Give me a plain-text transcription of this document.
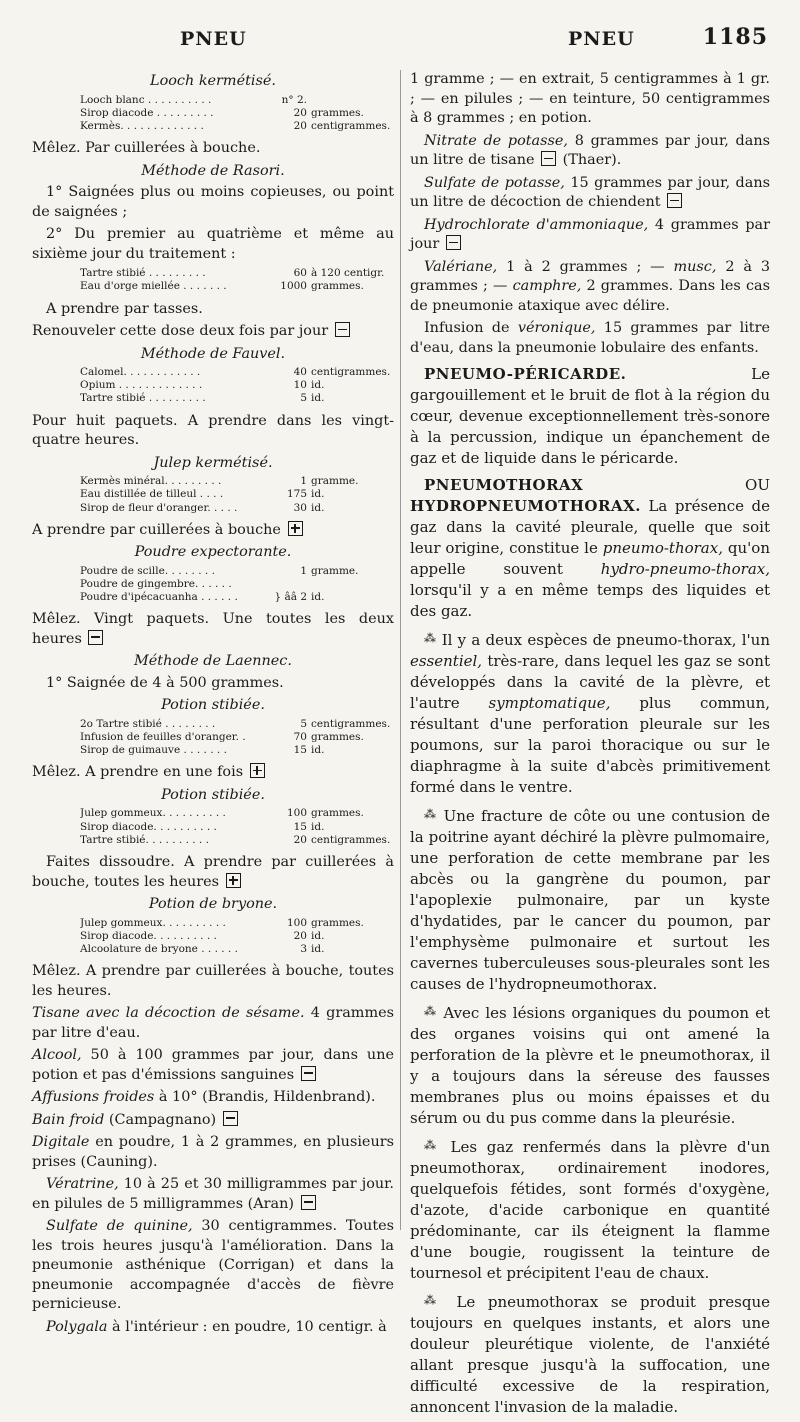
PNEU	PNEU	1185
Looch kermétisé.
Looch blanc . . . . . . . . . .	n° 2.
Sirop diacode . . . . . . . . .	20 grammes.
Kermès. . . . . . . . . . . . .	20 centigrammes.

Mêlez. Par cuillerées à bouche.

Méthode de Rasori.

1° Saignées plus ou moins copieuses, ou point de saignées ;

2° Du premier au quatrième et même au sixième jour du traitement :

Tartre stibié . . . . . . . . .	60 à 120 centigr.
Eau d'orge miellée . . . . . . .	1000 grammes.

A prendre par tasses.

Renouveler cette dose deux fois par jour

Méthode de Fauvel.
Calomel. . . . . . . . . . . .	40 centigrammes.
Opium . . . . . . . . . . . . .	10 id.
Tartre stibié . . . . . . . . .	5 id.

Pour huit paquets. A prendre dans les vingt-quatre heures.

Julep kermétisé.
Kermès minéral. . . . . . . . .	1 gramme.
Eau distillée de tilleul . . . .	175 id.
Sirop de fleur d'oranger. . . . .	30 id.

A prendre par cuillerées à bouche

Poudre expectorante.
Poudre de scille. . . . . . . .	1 gramme.
Poudre de gingembre. . . . . .
Poudre d'ipécacuanha . . . . . .	} ââ 2 id.

Mêlez. Vingt paquets. Une toutes les deux heures

Méthode de Laennec.

1° Saignée de 4 à 500 grammes.

Potion stibiée.
2o Tartre stibié . . . . . . . .	5 centigrammes.
Infusion de feuilles d'oranger. .	70 grammes.
Sirop de guimauve . . . . . . .	15 id.

Mêlez. A prendre en une fois

Potion stibiée.
Julep gommeux. . . . . . . . . .	100 grammes.
Sirop diacode. . . . . . . . . .	15 id.
Tartre stibié. . . . . . . . . .	20 centigrammes.

Faites dissoudre. A prendre par cuillerées à bouche, toutes les heures

Potion de bryone.
Julep gommeux. . . . . . . . . .	100 grammes.
Sirop diacode. . . . . . . . . .	20 id.
Alcoolature de bryone . . . . . .	3 id.

Mêlez. A prendre par cuillerées à bouche, toutes les heures.

Tisane avec la décoction de sésame. 4 grammes par litre d'eau.

Alcool, 50 à 100 grammes par jour, dans une potion et pas d'émissions sanguines

Affusions froides à 10° (Brandis, Hildenbrand).

Bain froid (Campagnano)

Digitale en poudre, 1 à 2 grammes, en plusieurs prises (Cauning).

Vératrine, 10 à 25 et 30 milligrammes par jour. en pilules de 5 milligrammes (Aran)

Sulfate de quinine, 30 centigrammes. Toutes les trois heures jusqu'à l'amélioration. Dans la pneumonie asthénique (Corrigan) et dans la pneumonie accompagnée d'accès de fièvre pernicieuse.

Polygala à l'intérieur : en poudre, 10 centigr. à

1 gramme ; — en extrait, 5 centigrammes à 1 gr. ; — en pilules ; — en teinture, 50 centigrammes à 8 grammes ; en potion.

Nitrate de potasse, 8 grammes par jour, dans un litre de tisane  (Thaer).

Sulfate de potasse, 15 grammes par jour, dans un litre de décoction de chiendent

Hydrochlorate d'ammoniaque, 4 grammes par jour

Valériane, 1 à 2 grammes ; — musc, 2 à 3 grammes ; — camphre, 2 grammes. Dans les cas de pneumonie ataxique avec délire.

Infusion de véronique, 15 grammes par litre d'eau, dans la pneumonie lobulaire des enfants.

PNEUMO-PÉRICARDE. Le gargouillement et le bruit de flot à la région du cœur, devenue exceptionnellement très-sonore à la percussion, indique un épanchement de gaz et de liquide dans le péricarde.

PNEUMOTHORAX OU HYDROPNEUMOTHORAX. La présence de gaz dans la cavité pleurale, quelle que soit leur origine, constitue le pneumo-thorax, qu'on appelle souvent hydro-pneumo-thorax, lorsqu'il y a en même temps des liquides et des gaz.

⁂ Il y a deux espèces de pneumo-thorax, l'un essentiel, très-rare, dans lequel les gaz se sont développés dans la cavité de la plèvre, et l'autre symptomatique, plus commun, résultant d'une perforation pleurale sur les poumons, sur la paroi thoracique ou sur le diaphragme à la suite d'abcès primitivement formé dans le ventre.

⁂ Une fracture de côte ou une contusion de la poitrine ayant déchiré la plèvre pulmomaire, une perforation de cette membrane par les abcès ou la gangrène du poumon, par l'apoplexie pulmonaire, par un kyste d'hydatides, par le cancer du poumon, par l'emphysème pulmonaire et surtout les cavernes tuberculeuses sous-pleurales sont les causes de l'hydropneumothorax.

⁂ Avec les lésions organiques du poumon et des organes voisins qui ont amené la perforation de la plèvre et le pneumothorax, il y a toujours dans la séreuse des fausses membranes plus ou moins épaisses et du sérum ou du pus comme dans la pleurésie.

⁂ Les gaz renfermés dans la plèvre d'un pneumothorax, ordinairement inodores, quelquefois fétides, sont formés d'oxygène, d'azote, d'acide carbonique en quantité prédominante, car ils éteignent la flamme d'une bougie, rougissent la teinture de tournesol et précipitent l'eau de chaux.

⁂ Le pneumothorax se produit presque toujours en quelques instants, et alors une douleur pleurétique violente, de l'anxiété allant presque jusqu'à la suffocation, une difficulté excessive de la respiration, annoncent l'invasion de la maladie.
